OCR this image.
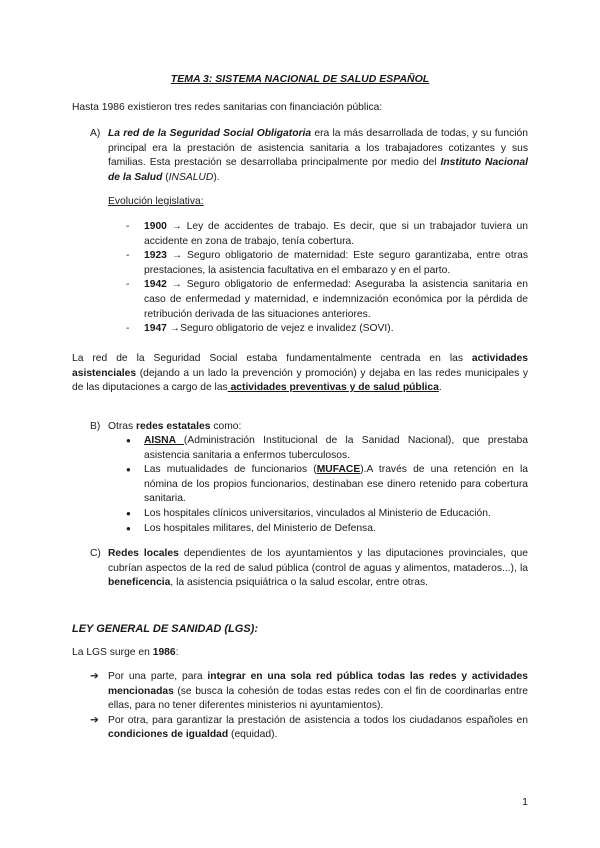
TEMA 3: SISTEMA NACIONAL DE SALUD ESPAÑOL
Hasta 1986 existieron tres redes sanitarias con financiación pública:
A) La red de la Seguridad Social Obligatoria era la más desarrollada de todas, y su función principal era la prestación de asistencia sanitaria a los trabajadores cotizantes y sus familias. Esta prestación se desarrollaba principalmente por medio del Instituto Nacional de la Salud (INSALUD).
Evolución legislativa:
- 1900 → Ley de accidentes de trabajo. Es decir, que si un trabajador tuviera un accidente en zona de trabajo, tenía cobertura.
- 1923 → Seguro obligatorio de maternidad: Este seguro garantizaba, entre otras prestaciones, la asistencia facultativa en el embarazo y en el parto.
- 1942 → Seguro obligatorio de enfermedad: Aseguraba la asistencia sanitaria en caso de enfermedad y maternidad, e indemnización económica por la pérdida de retribución derivada de las situaciones anteriores.
- 1947 →Seguro obligatorio de vejez e invalidez (SOVI).
La red de la Seguridad Social estaba fundamentalmente centrada en las actividades asistenciales (dejando a un lado la prevención y promoción) y dejaba en las redes municipales y de las diputaciones a cargo de las actividades preventivas y de salud pública.
B) Otras redes estatales como:
● AISNA (Administración Institucional de la Sanidad Nacional), que prestaba asistencia sanitaria a enfermos tuberculosos.
● Las mutualidades de funcionarios (MUFACE).A través de una retención en la nómina de los propios funcionarios, destinaban ese dinero retenido para cobertura sanitaria.
● Los hospitales clínicos universitarios, vinculados al Ministerio de Educación.
● Los hospitales militares, del Ministerio de Defensa.
C) Redes locales dependientes de los ayuntamientos y las diputaciones provinciales, que cubrían aspectos de la red de salud pública (control de aguas y alimentos, mataderos...), la beneficencia, la asistencia psiquiátrica o la salud escolar, entre otras.
LEY GENERAL DE SANIDAD (LGS):
La LGS surge en 1986:
➔ Por una parte, para integrar en una sola red pública todas las redes y actividades mencionadas (se busca la cohesión de todas estas redes con el fin de coordinarlas entre ellas, para no tener diferentes ministerios ni ayuntamientos).
➔ Por otra, para garantizar la prestación de asistencia a todos los ciudadanos españoles en condiciones de igualdad (equidad).
1
